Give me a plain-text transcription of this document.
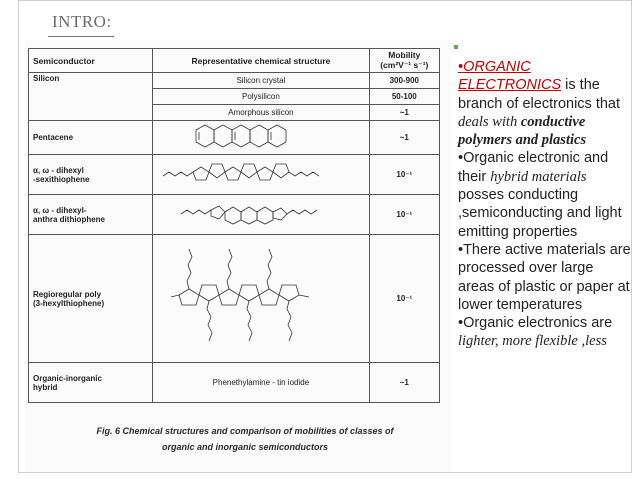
INTRO:
Semiconductor	Representative chemical structure	Mobility (cm²V⁻¹ s⁻¹)
Silicon	Silicon crystal	300-900
	Polysilicon	50-100
	Amorphous silicon	~1
Pentacene		~1

α, ω - dihexyl
-sexithiophene		10⁻¹

α, ω - dihexyl-
anthra dithiophene		10⁻¹

Regioregular poly
(3-hexylthiophene)		10⁻¹

Organic-inorganic
hybrid	Phenethylamine - tin iodide	~1
Fig. 6 Chemical structures and comparison of mobilities of classes of
organic and inorganic semiconductors

•ORGANIC ELECTRONICS is the branch of electronics that deals with conductive polymers and plastics

•Organic electronic and their hybrid materials posses conducting ,semiconducting and light emitting properties

•There active materials are processed over large areas of plastic or paper at lower temperatures

•Organic electronics are lighter, more flexible ,less
